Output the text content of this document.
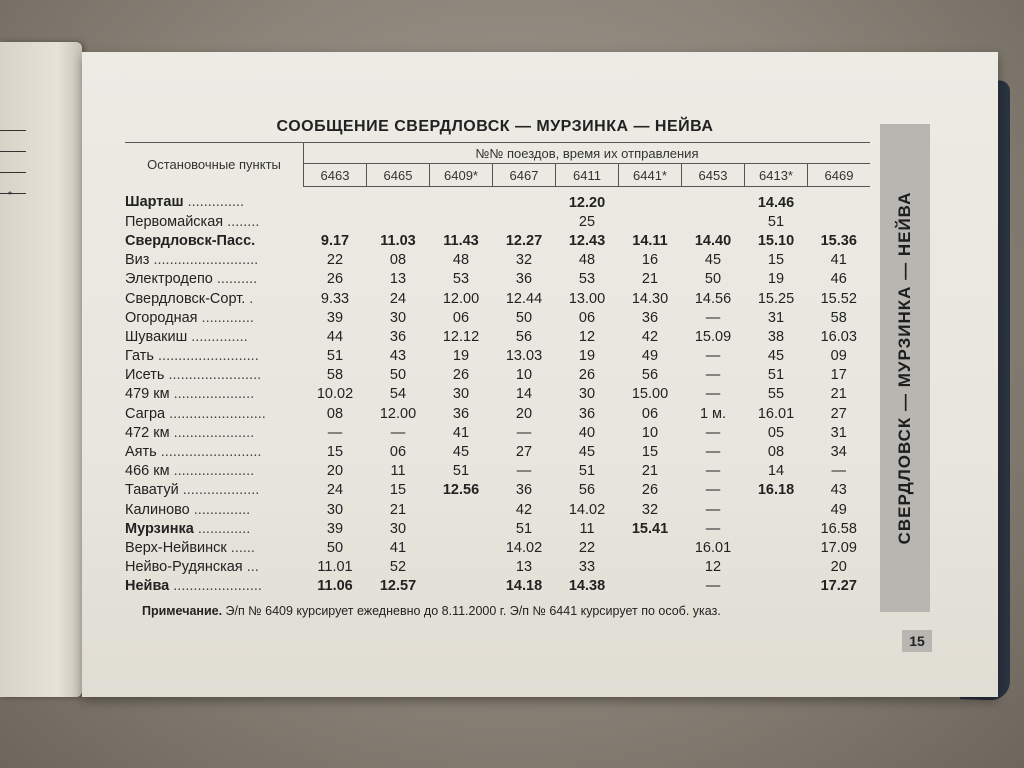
*
СООБЩЕНИЕ СВЕРДЛОВСК — МУРЗИНКА — НЕЙВА
Остановочные пункты	№№ поездов, время их отправления								
	6463	6465	6409*	6467	6411	6441*	6453	6413*	6469
Шарташ ..............					12.20			14.46	
Первомайская ........					25			51	
Свердловск-Пасс.	9.17	11.03	11.43	12.27	12.43	14.11	14.40	15.10	15.36
Виз ..........................	22	08	48	32	48	16	45	15	41
Электродепо ..........	26	13	53	36	53	21	50	19	46
Свердловск-Сорт. .	9.33	24	12.00	12.44	13.00	14.30	14.56	15.25	15.52
Огородная .............	39	30	06	50	06	36	—	31	58
Шувакиш ..............	44	36	12.12	56	12	42	15.09	38	16.03
Гать .........................	51	43	19	13.03	19	49	—	45	09
Исеть .......................	58	50	26	10	26	56	—	51	17
479 км ....................	10.02	54	30	14	30	15.00	—	55	21
Сагра ........................	08	12.00	36	20	36	06	1 м.	16.01	27
472 км ....................	—	—	41	—	40	10	—	05	31
Аять .........................	15	06	45	27	45	15	—	08	34
466 км ....................	20	11	51	—	51	21	—	14	—
Таватуй ...................	24	15	12.56	36	56	26	—	16.18	43
Калиново ..............	30	21		42	14.02	32	—		49
Мурзинка .............	39	30		51	11	15.41	—		16.58
Верх-Нейвинск ......	50	41		14.02	22		16.01		17.09
Нейво-Рудянская ...	11.01	52		13	33		12		20
Нейва ......................	11.06	12.57		14.18	14.38		—		17.27
Примечание. Э/п № 6409 курсирует ежедневно до 8.11.2000 г. Э/п № 6441 курсирует по особ. указ.
СВЕРДЛОВСК — МУРЗИНКА — НЕЙВА
15
